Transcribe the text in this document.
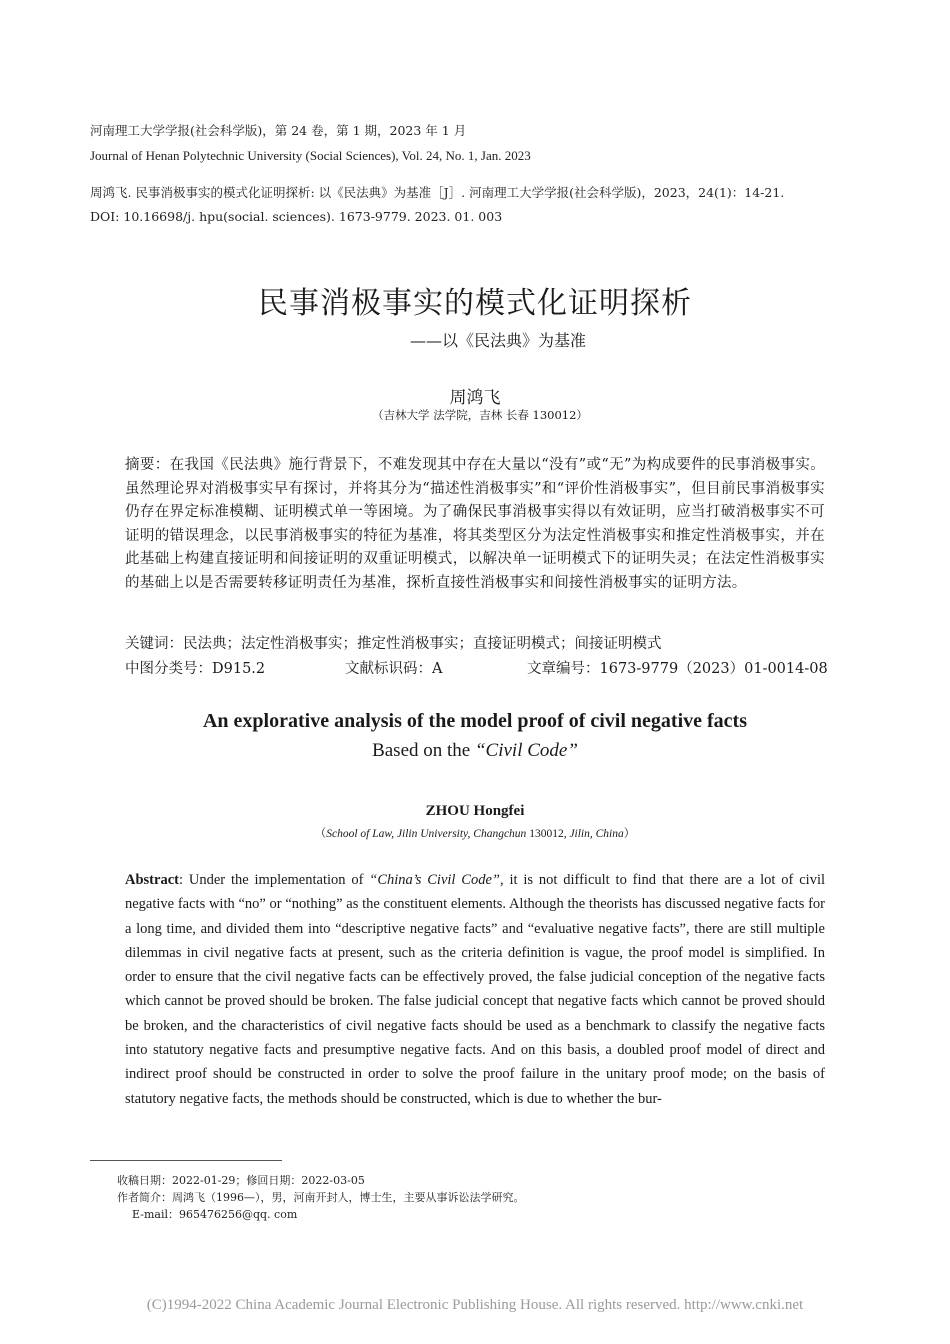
河南理工大学学报(社会科学版)，第 24 卷，第 1 期，2023 年 1 月
Journal of Henan Polytechnic University (Social Sciences), Vol. 24, No. 1, Jan. 2023
周鸿飞. 民事消极事实的模式化证明探析: 以《民法典》为基准［J］. 河南理工大学学报(社会科学版)，2023，24(1)：14-21.
DOI: 10.16698/j. hpu(social. sciences). 1673-9779. 2023. 01. 003
民事消极事实的模式化证明探析
——以《民法典》为基准
周鸿飞
（吉林大学 法学院，吉林 长春 130012）
摘要：在我国《民法典》施行背景下，不难发现其中存在大量以“没有”或“无”为构成要件的民事消极事实。虽然理论界对消极事实早有探讨，并将其分为“描述性消极事实”和“评价性消极事实”，但目前民事消极事实仍存在界定标准模糊、证明模式单一等困境。为了确保民事消极事实得以有效证明，应当打破消极事实不可证明的错误理念，以民事消极事实的特征为基准，将其类型区分为法定性消极事实和推定性消极事实，并在此基础上构建直接证明和间接证明的双重证明模式，以解决单一证明模式下的证明失灵；在法定性消极事实的基础上以是否需要转移证明责任为基准，探析直接性消极事实和间接性消极事实的证明方法。
关键词：民法典；法定性消极事实；推定性消极事实；直接证明模式；间接证明模式
中图分类号：D915.2	文献标识码：A	文章编号：1673-9779（2023）01-0014-08
An explorative analysis of the model proof of civil negative facts
Based on the “Civil Code”
ZHOU Hongfei
（School of Law, Jilin University, Changchun 130012, Jilin, China）
Abstract: Under the implementation of “China’s Civil Code”, it is not difficult to find that there are a lot of civil negative facts with “no” or “nothing” as the constituent elements. Although the theorists has discussed negative facts for a long time, and divided them into “descriptive negative facts” and “evaluative negative facts”, there are still multiple dilemmas in civil negative facts at present, such as the criteria definition is vague, the proof model is simplified. In order to ensure that the civil negative facts can be effectively proved, the false judicial conception of the negative facts which cannot be proved should be broken. The false judicial concept that negative facts which cannot be proved should be broken, and the characteristics of civil negative facts should be used as a benchmark to classify the negative facts into statutory negative facts and presumptive negative facts. And on this basis, a doubled proof model of direct and indirect proof should be constructed in order to solve the proof failure in the unitary proof mode; on the basis of statutory negative facts, the methods should be constructed, which is due to whether the bur-
收稿日期：2022-01-29；修回日期：2022-03-05
作者简介：周鸿飞（1996—），男，河南开封人，博士生，主要从事诉讼法学研究。
E-mail：965476256@qq. com
(C)1994-2022 China Academic Journal Electronic Publishing House. All rights reserved. http://www.cnki.net
